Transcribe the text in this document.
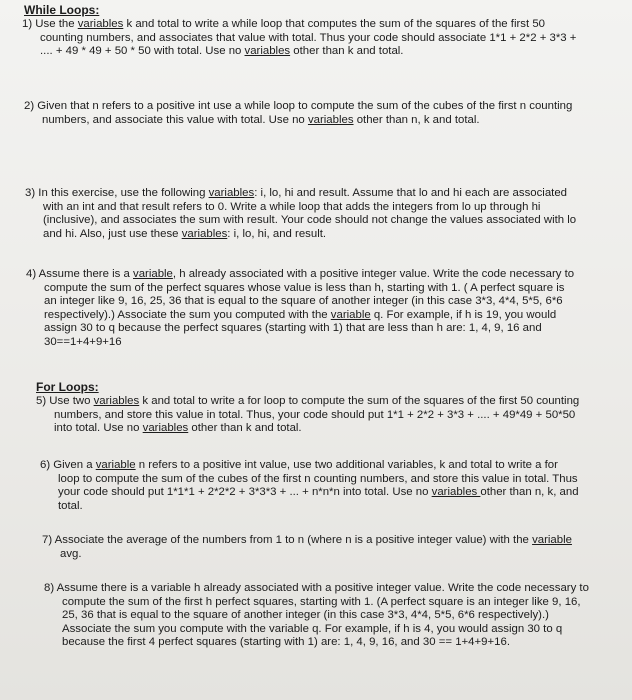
While Loops:

1) Use the variables k and total to write a while loop that computes the sum of the squares of the first 50 counting numbers, and associates that value with total. Thus your code should associate 1*1 + 2*2 + 3*3 + .... + 49 * 49 + 50 * 50 with total. Use no variables other than k and total.

2) Given that n refers to a positive int use a while loop to compute the sum of the cubes of the first n counting numbers, and associate this value with total. Use no variables other than n, k and total.

3) In this exercise, use the following variables: i, lo, hi and result. Assume that lo and hi each are associated with an int and that result refers to 0. Write a while loop that adds the integers from lo up through hi (inclusive), and associates the sum with result. Your code should not change the values associated with lo and hi. Also, just use these variables: i, lo, hi, and result.

4) Assume there is a variable, h already associated with a positive integer value. Write the code necessary to compute the sum of the perfect squares whose value is less than h, starting with 1. ( A perfect square is an integer like 9, 16, 25, 36 that is equal to the square of another integer (in this case 3*3, 4*4, 5*5, 6*6 respectively).) Associate the sum you computed with the variable q. For example, if h is 19, you would assign 30 to q because the perfect squares (starting with 1) that are less than h are: 1, 4, 9, 16 and 30==1+4+9+16

For Loops:

5) Use two variables k and total to write a for loop to compute the sum of the squares of the first 50 counting numbers, and store this value in total. Thus, your code should put 1*1 + 2*2 + 3*3 + .... + 49*49 + 50*50 into total. Use no variables other than k and total.

6) Given a variable n refers to a positive int value, use two additional variables, k and total to write a for loop to compute the sum of the cubes of the first n counting numbers, and store this value in total. Thus your code should put 1*1*1 + 2*2*2 + 3*3*3 + ... + n*n*n into total. Use no variables other than n, k, and total.

7) Associate the average of the numbers from 1 to n (where n is a positive integer value) with the variable avg.

8) Assume there is a variable h already associated with a positive integer value. Write the code necessary to compute the sum of the first h perfect squares, starting with 1. (A perfect square is an integer like 9, 16, 25, 36 that is equal to the square of another integer (in this case 3*3, 4*4, 5*5, 6*6 respectively).) Associate the sum you compute with the variable q. For example, if h is 4, you would assign 30 to q because the first 4 perfect squares (starting with 1) are: 1, 4, 9, 16, and 30 == 1+4+9+16.
